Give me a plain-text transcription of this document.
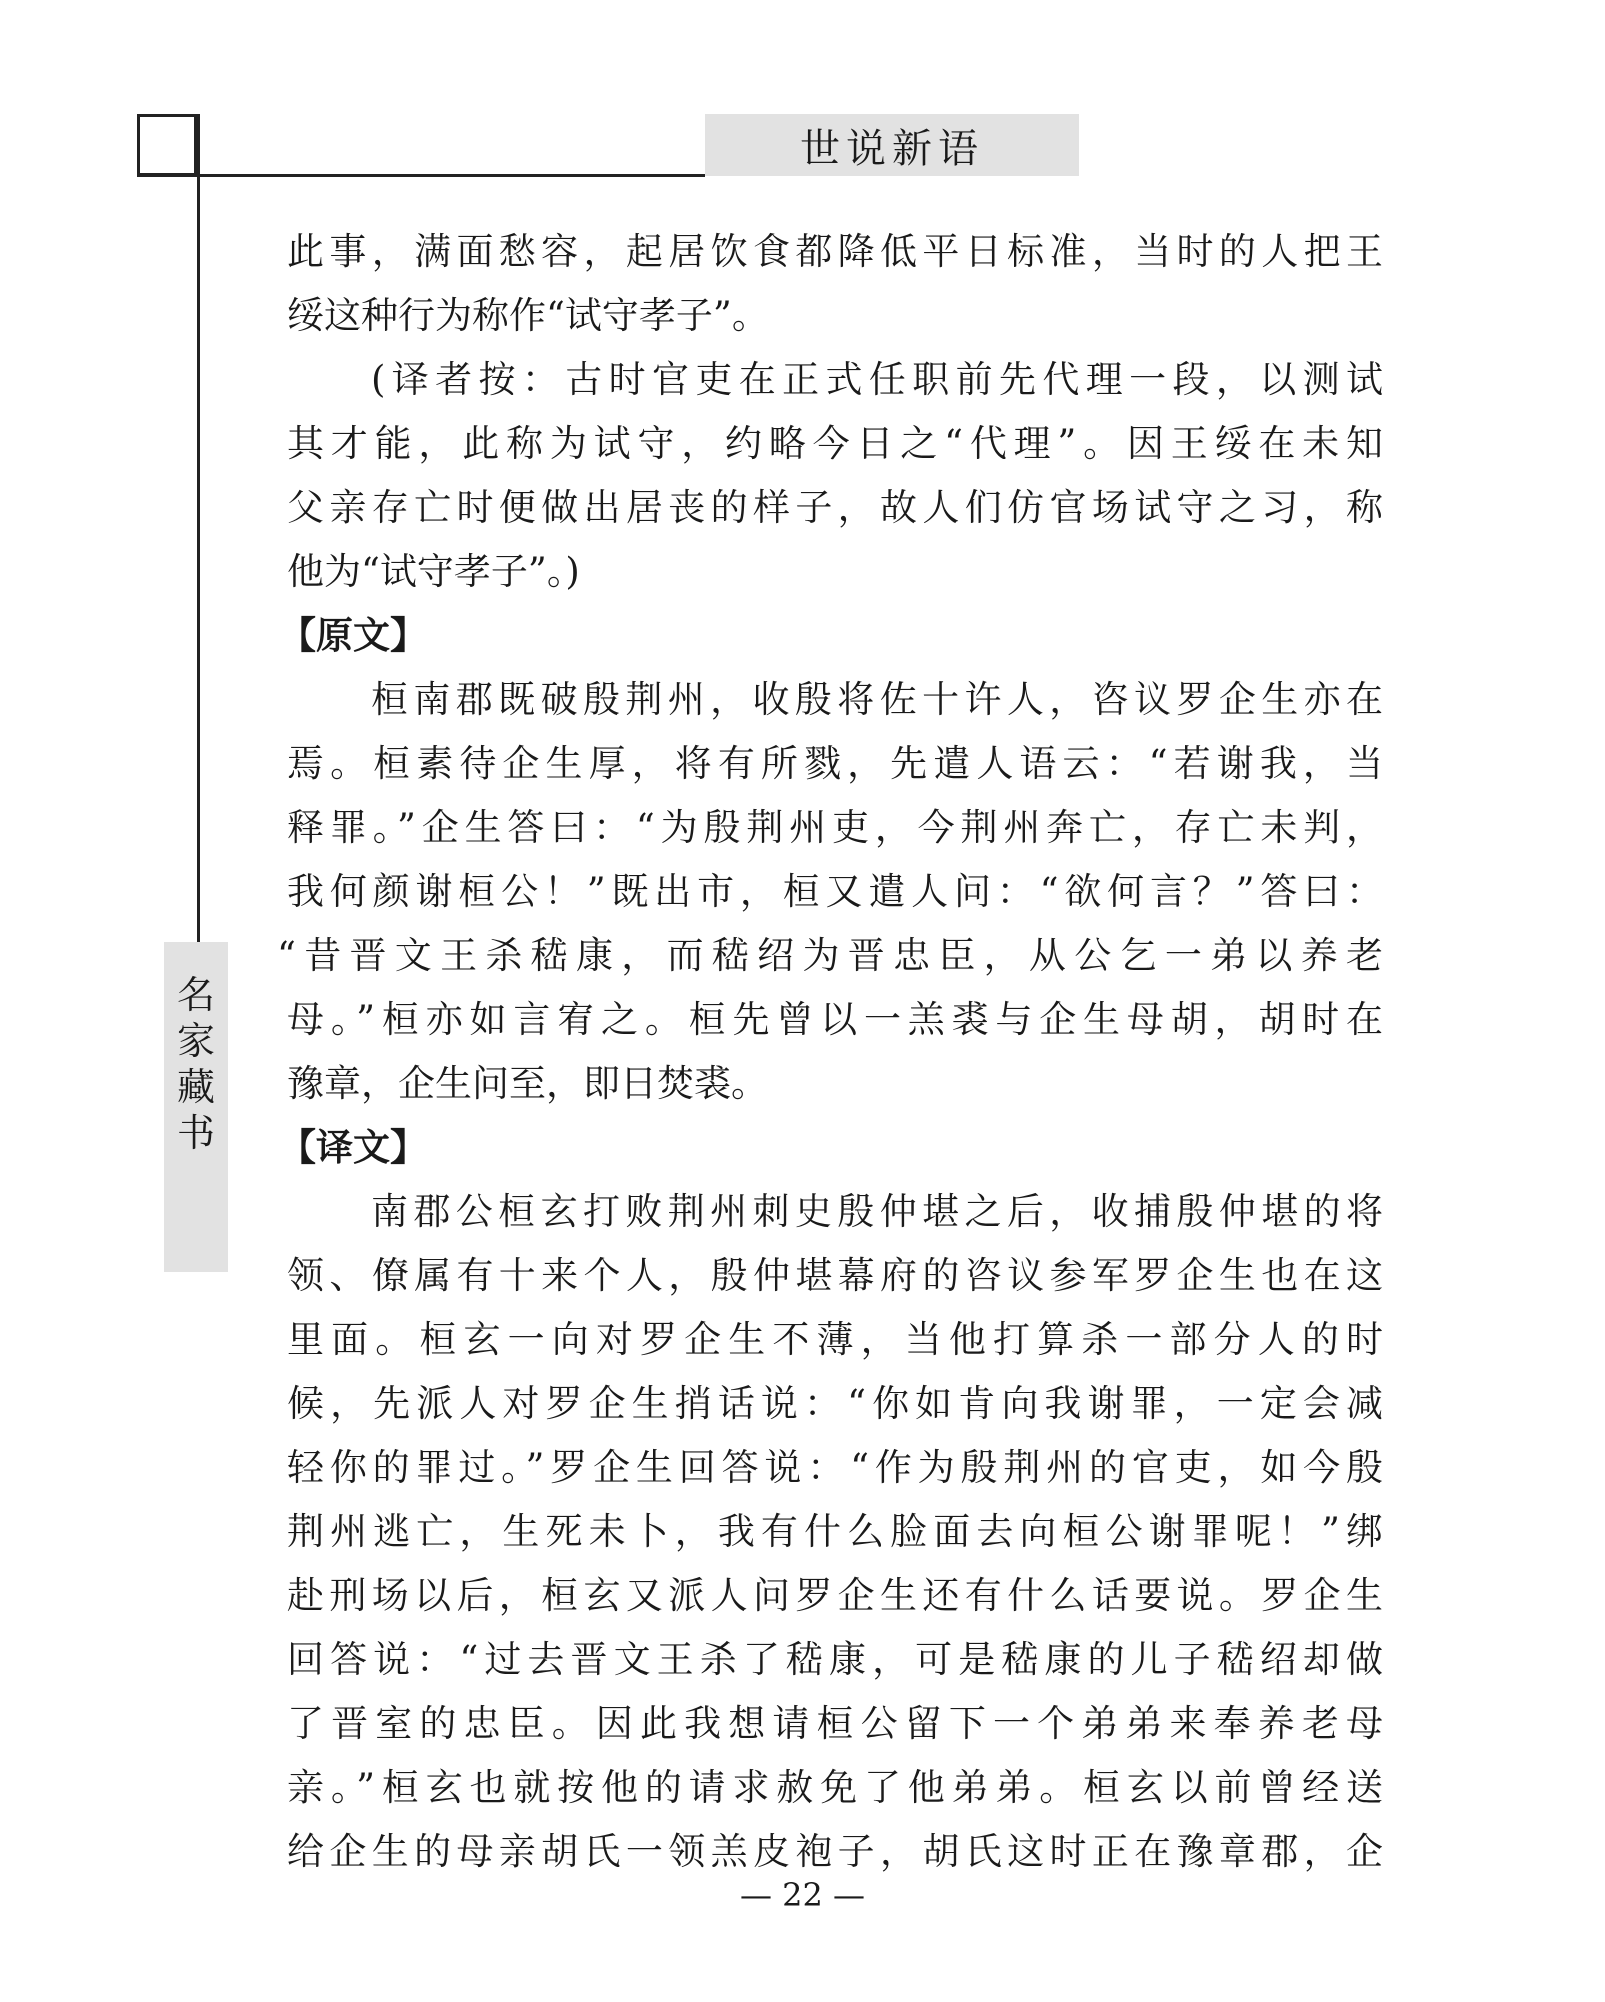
世说新语
名
家
藏
书
此事，满面愁容，起居饮食都降低平日标准，当时的人把王
绥这种行为称作“试守孝子”。
(译者按：古时官吏在正式任职前先代理一段，以测试
其才能，此称为试守，约略今日之“代理”。因王绥在未知
父亲存亡时便做出居丧的样子，故人们仿官场试守之习，称
他为“试守孝子”。)
【原文】
桓南郡既破殷荆州，收殷将佐十许人，咨议罗企生亦在
焉。桓素待企生厚，将有所戮，先遣人语云：“若谢我，当
释罪。”企生答曰：“为殷荆州吏，今荆州奔亡，存亡未判，
我何颜谢桓公！”既出市，桓又遣人问：“欲何言？”答曰：
“昔晋文王杀嵇康，而嵇绍为晋忠臣，从公乞一弟以养老
母。”桓亦如言宥之。桓先曾以一羔裘与企生母胡，胡时在
豫章，企生问至，即日焚裘。
【译文】
南郡公桓玄打败荆州刺史殷仲堪之后，收捕殷仲堪的将
领、僚属有十来个人，殷仲堪幕府的咨议参军罗企生也在这
里面。桓玄一向对罗企生不薄，当他打算杀一部分人的时
候，先派人对罗企生捎话说：“你如肯向我谢罪，一定会减
轻你的罪过。”罗企生回答说：“作为殷荆州的官吏，如今殷
荆州逃亡，生死未卜，我有什么脸面去向桓公谢罪呢！”绑
赴刑场以后，桓玄又派人问罗企生还有什么话要说。罗企生
回答说：“过去晋文王杀了嵇康，可是嵇康的儿子嵇绍却做
了晋室的忠臣。因此我想请桓公留下一个弟弟来奉养老母
亲。”桓玄也就按他的请求赦免了他弟弟。桓玄以前曾经送
给企生的母亲胡氏一领羔皮袍子，胡氏这时正在豫章郡，企
— 22 —
